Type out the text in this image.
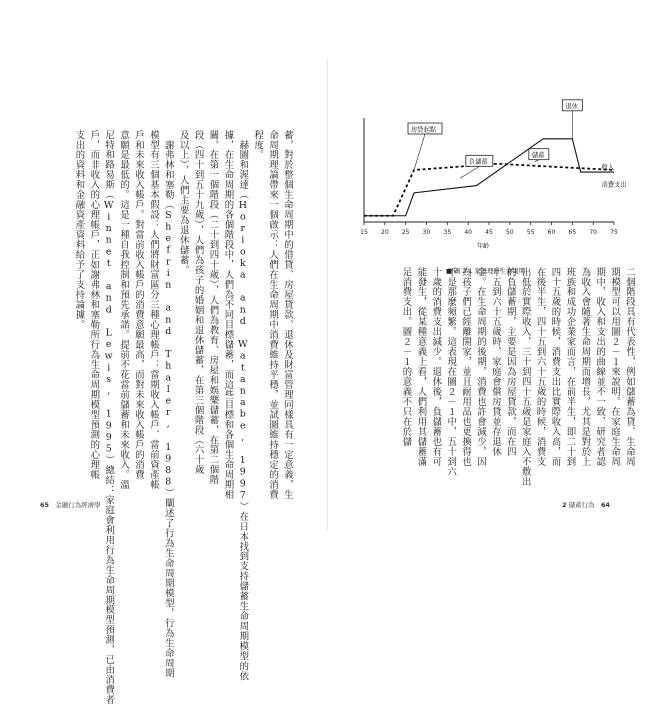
蓄，對於整個生命周期中的借貸、房屋貸款、退休及財富管理同樣具有一定意義，生
命周期理論帶來一個啟示：人們在生命周期中消費維持平穩，並試圖維持穩定的消費
程度。
　赫圖和渥達（Horioka and Watanabe, 1997）在日本找到支持儲蓄生命周期模型的依
據，在生命周期的各個階段中，人們為不同目標儲蓄，而這些目標和各個生命周期相
關。在第一個階段（二十到四十歲），人們為教育、房屋和娛樂儲蓄，在第二個階
段（四十到五十九歲），人們為孩子的婚姻和退休儲蓄，在第三個階段（六十歲
及以上），人們主要為退休儲蓄。
　謝弗林和塞勒（Shefrin and Thaler, 1988）闡述了行為生命周期模型，行為生命周期
模型有三個基本假設：人們將財富區分三種心理帳戶：當期收入帳戶、當前資產帳
戶和未來收入帳戶。對當前收入帳戶的消費意願最高，而對未來收入帳戶的消費
意願是最低的。這是一種自我控制和預先承諾。提前不花當前儲蓄和未來收入。溫
尼特和路易斯（Winnet and Lewis, 1995）總結：家庭會利用行為生命周期模型預測，已由消費者
戶，而非收入的心理帳戶，正如謝弗林和塞勒所行為生命周期模型預測的心理帳
支出的資料和金融資產資料給予了支持論據。
二個階段具有代表性，例如儲蓄為貸、生命周
期模型可以用圖２－１來說明。在家庭生命周
期中，收入和支出的曲線並不一致，研究者認
為收入會隨著生命周期而增長，尤其是對於上
班族和成功企業家而言，在前半生，即二十到
四十五歲的時候，消費支出比實際收入高，而
在後半生，四十五到六十五歲的時候，消費支
出低於實際收入，三十到四十五歲是家庭入不敷出
的負儲蓄期，主要是因為房屋貸款，而在四
十五到六十五歲時，家庭會償房貸並存退休
金。在生命周期的後期，消費也許會減少，因
為孩子們已經離開家，並且耐用品也更換得也
不是那麼頻繁。這表現在圖２－１中，五十到六
十歲的消費支出減少。退休後，負儲蓄也有可
能發生，從某種意義上看，人們利用其儲蓄滿
足消費支出。圖２－１的意義不只在於儲
15 20 25 30 35 40 45 50 55 60 65 70 75
年齡
房貸起點
負儲蓄
退休
儲蓄
收入
消費支出
■ 圖 2-1 家庭理財生命周期
65 金融行為經濟學	2 儲蓄行為 64
